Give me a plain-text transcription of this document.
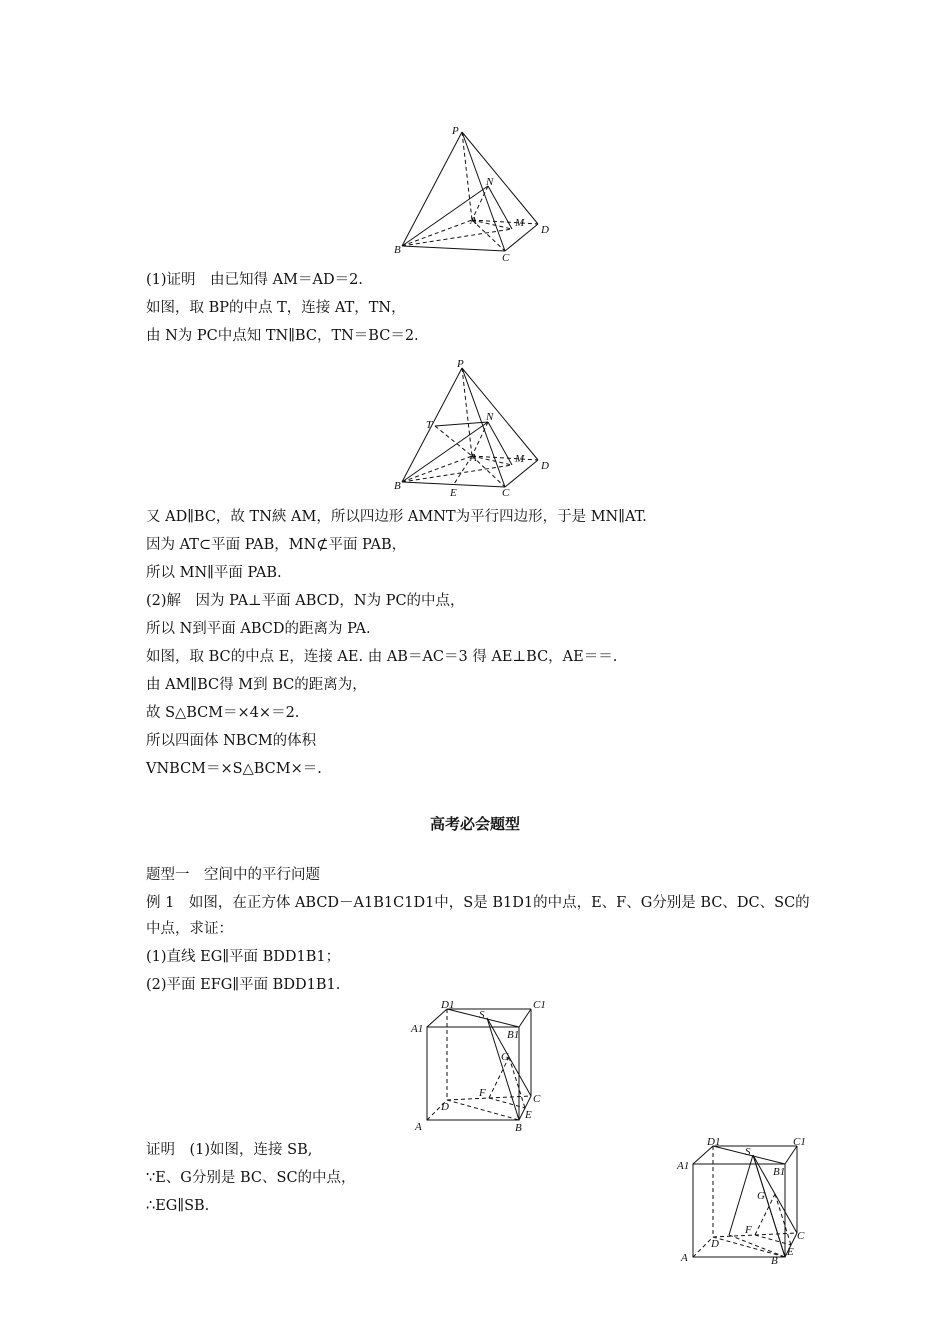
P
N
A	M
D
B
C
(1)证明　由已知得 AM＝AD＝2.
如图，取 BP的中点 T，连接 AT，TN，
由 N为 PC中点知 TN∥BC，TN＝BC＝2.
P
T
N
A	M
D
B
E	C
又 AD∥BC，故 TN綊 AM，所以四边形 AMNT为平行四边形，于是 MN∥AT.
因为 AT⊂平面 PAB，MN⊄平面 PAB，
所以 MN∥平面 PAB.
(2)解　因为 PA⊥平面 ABCD，N为 PC的中点，
所以 N到平面 ABCD的距离为 PA.
如图，取 BC的中点 E，连接 AE. 由 AB＝AC＝3 得 AE⊥BC，AE＝＝.
由 AM∥BC得 M到 BC的距离为，
故 S△BCM＝×4×＝2.
所以四面体 NBCM的体积
VNBCM＝×S△BCM×＝.
高考必会题型
题型一　空间中的平行问题
例 1　如图，在正方体 ABCD－A1B1C1D1中，S是 B1D1的中点，E、F、G分别是 BC、DC、SC的
中点，求证：
(1)直线 EG∥平面 BDD1B1；
(2)平面 EFG∥平面 BDD1B1.
D1	C1
A1	B1
S
G
F	C
D
E
A	B
证明　(1)如图，连接 SB,
∵E、G分别是 BC、SC的中点，
∴EG∥SB.
D1	C1
A1	B1
S
G
F	C
D
E
A	B
